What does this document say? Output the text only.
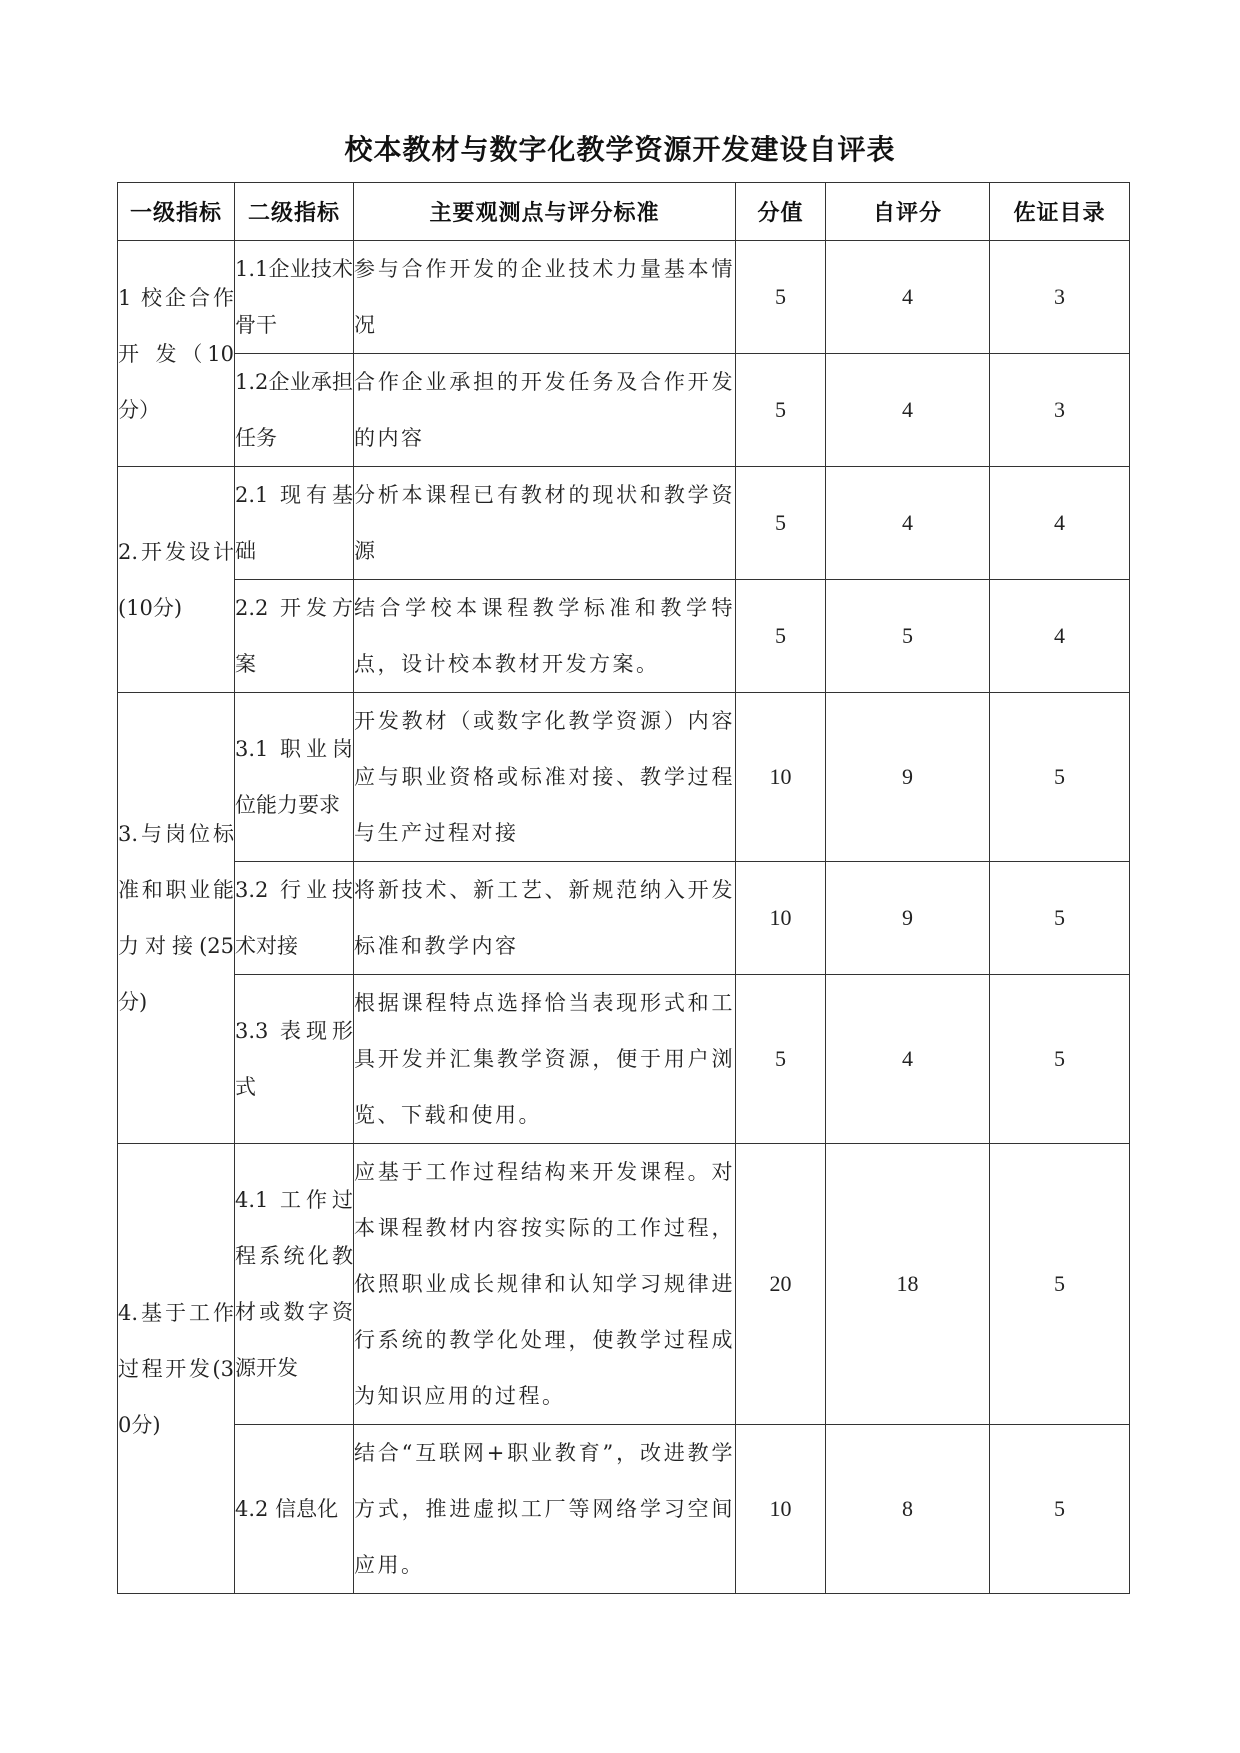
校本教材与数字化教学资源开发建设自评表
一级指标	二级指标	主要观测点与评分标准	分值	自评分	佐证目录
1 校企合作 开 发（10分）	1.1企业技术骨干	参与合作开发的企业技术力量基本情况	5	4	3
	1.2企业承担任务	合作企业承担的开发任务及合作开发的内容	5	4	3
2.开发设计(10分)	2.1 现有基础	分析本课程已有教材的现状和教学资源	5	4	4
	2.2 开发方案	结合学校本课程教学标准和教学特点，设计校本教材开发方案。	5	5	4
3.与岗位标准和职业能力对接(25分)	3.1 职业岗位能力要求	开发教材（或数字化教学资源）内容应与职业资格或标准对接、教学过程与生产过程对接	10	9	5
	3.2 行业技术对接	将新技术、新工艺、新规范纳入开发标准和教学内容	10	9	5
	3.3 表现形式	根据课程特点选择恰当表现形式和工具开发并汇集教学资源，便于用户浏览、下载和使用。	5	4	5
4.基于工作过程开发(30分)	4.1 工作过程系统化教材或数字资源开发	应基于工作过程结构来开发课程。对本课程教材内容按实际的工作过程，依照职业成长规律和认知学习规律进行系统的教学化处理，使教学过程成为知识应用的过程。	20	18	5
	4.2 信息化	结合“互联网+职业教育”，改进教学方式，推进虚拟工厂等网络学习空间应用。	10	8	5
